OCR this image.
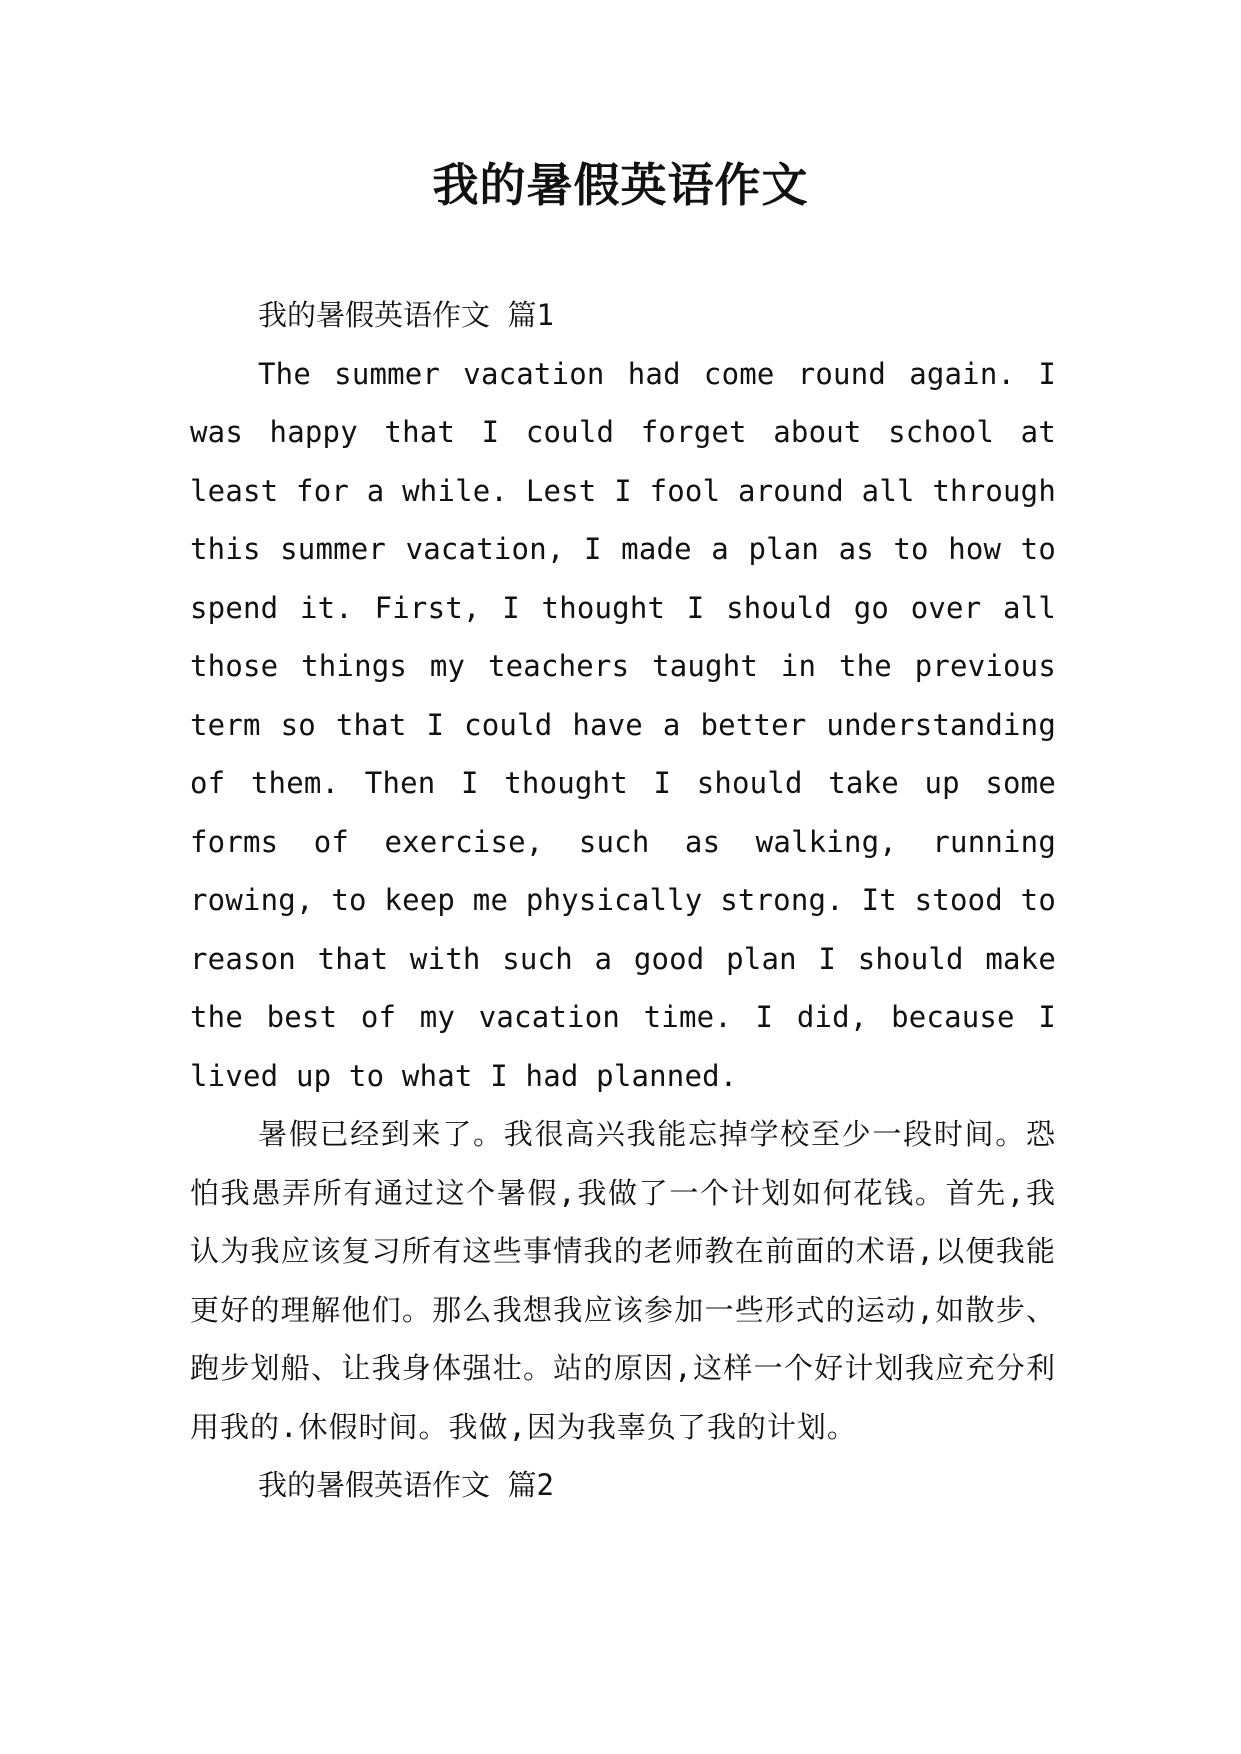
我的暑假英语作文

我的暑假英语作文 篇1

The summer vacation had come round again. I was happy that I could forget about school at least for a while. Lest I fool around all through this summer vacation, I made a plan as to how to spend it. First, I thought I should go over all those things my teachers taught in the previous term so that I could have a better understanding of them. Then I thought I should take up some forms of exercise, such as walking, running rowing, to keep me physically strong. It stood to reason that with such a good plan I should make the best of my vacation time. I did, because I lived up to what I had planned.

暑假已经到来了。我很高兴我能忘掉学校至少一段时间。恐怕我愚弄所有通过这个暑假,我做了一个计划如何花钱。首先,我认为我应该复习所有这些事情我的老师教在前面的术语,以便我能更好的理解他们。那么我想我应该参加一些形式的运动,如散步、跑步划船、让我身体强壮。站的原因,这样一个好计划我应充分利用我的.休假时间。我做,因为我辜负了我的计划。

我的暑假英语作文 篇2
